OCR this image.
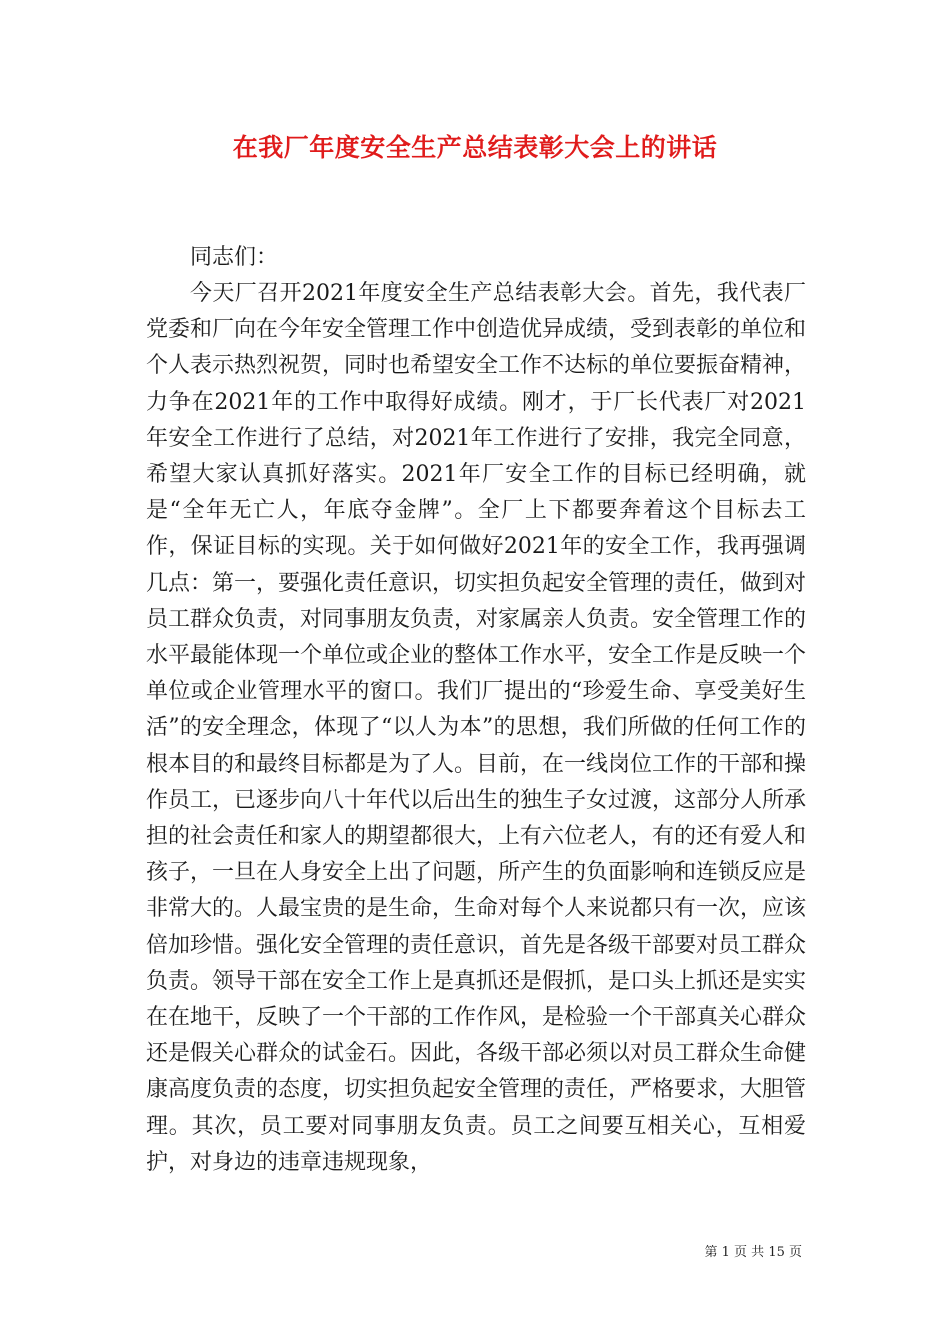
在我厂年度安全生产总结表彰大会上的讲话

同志们：

今天厂召开2021年度安全生产总结表彰大会。首先，我代表厂党委和厂向在今年安全管理工作中创造优异成绩，受到表彰的单位和个人表示热烈祝贺，同时也希望安全工作不达标的单位要振奋精神，力争在2021年的工作中取得好成绩。刚才，于厂长代表厂对2021年安全工作进行了总结，对2021年工作进行了安排，我完全同意，希望大家认真抓好落实。2021年厂安全工作的目标已经明确，就是“全年无亡人，年底夺金牌”。全厂上下都要奔着这个目标去工作，保证目标的实现。关于如何做好2021年的安全工作，我再强调几点：第一，要强化责任意识，切实担负起安全管理的责任，做到对员工群众负责，对同事朋友负责，对家属亲人负责。安全管理工作的水平最能体现一个单位或企业的整体工作水平，安全工作是反映一个单位或企业管理水平的窗口。我们厂提出的“珍爱生命、享受美好生活”的安全理念，体现了“以人为本”的思想，我们所做的任何工作的根本目的和最终目标都是为了人。目前，在一线岗位工作的干部和操作员工，已逐步向八十年代以后出生的独生子女过渡，这部分人所承担的社会责任和家人的期望都很大，上有六位老人，有的还有爱人和孩子，一旦在人身安全上出了问题，所产生的负面影响和连锁反应是非常大的。人最宝贵的是生命，生命对每个人来说都只有一次，应该倍加珍惜。强化安全管理的责任意识，首先是各级干部要对员工群众负责。领导干部在安全工作上是真抓还是假抓，是口头上抓还是实实在在地干，反映了一个干部的工作作风，是检验一个干部真关心群众还是假关心群众的试金石。因此，各级干部必须以对员工群众生命健康高度负责的态度，切实担负起安全管理的责任，严格要求，大胆管理。其次，员工要对同事朋友负责。员工之间要互相关心，互相爱护，对身边的违章违规现象，

第 1 页 共 15 页
